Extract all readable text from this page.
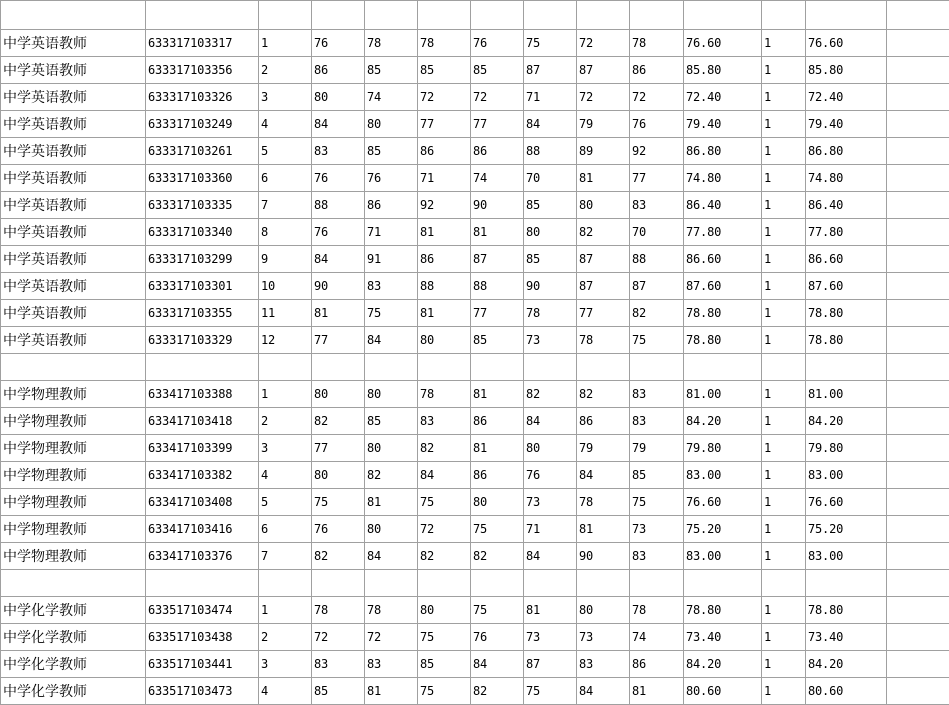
中学英语教师	633317103317	1	76	78	78	76	75	72	78	76.60	1	76.60	
中学英语教师	633317103356	2	86	85	85	85	87	87	86	85.80	1	85.80	
中学英语教师	633317103326	3	80	74	72	72	71	72	72	72.40	1	72.40	
中学英语教师	633317103249	4	84	80	77	77	84	79	76	79.40	1	79.40	
中学英语教师	633317103261	5	83	85	86	86	88	89	92	86.80	1	86.80	
中学英语教师	633317103360	6	76	76	71	74	70	81	77	74.80	1	74.80	
中学英语教师	633317103335	7	88	86	92	90	85	80	83	86.40	1	86.40	
中学英语教师	633317103340	8	76	71	81	81	80	82	70	77.80	1	77.80	
中学英语教师	633317103299	9	84	91	86	87	85	87	88	86.60	1	86.60	
中学英语教师	633317103301	10	90	83	88	88	90	87	87	87.60	1	87.60	
中学英语教师	633317103355	11	81	75	81	77	78	77	82	78.80	1	78.80	
中学英语教师	633317103329	12	77	84	80	85	73	78	75	78.80	1	78.80	

中学物理教师	633417103388	1	80	80	78	81	82	82	83	81.00	1	81.00	
中学物理教师	633417103418	2	82	85	83	86	84	86	83	84.20	1	84.20	
中学物理教师	633417103399	3	77	80	82	81	80	79	79	79.80	1	79.80	
中学物理教师	633417103382	4	80	82	84	86	76	84	85	83.00	1	83.00	
中学物理教师	633417103408	5	75	81	75	80	73	78	75	76.60	1	76.60	
中学物理教师	633417103416	6	76	80	72	75	71	81	73	75.20	1	75.20	
中学物理教师	633417103376	7	82	84	82	82	84	90	83	83.00	1	83.00	

中学化学教师	633517103474	1	78	78	80	75	81	80	78	78.80	1	78.80	
中学化学教师	633517103438	2	72	72	75	76	73	73	74	73.40	1	73.40	
中学化学教师	633517103441	3	83	83	85	84	87	83	86	84.20	1	84.20	
中学化学教师	633517103473	4	85	81	75	82	75	84	81	80.60	1	80.60	
